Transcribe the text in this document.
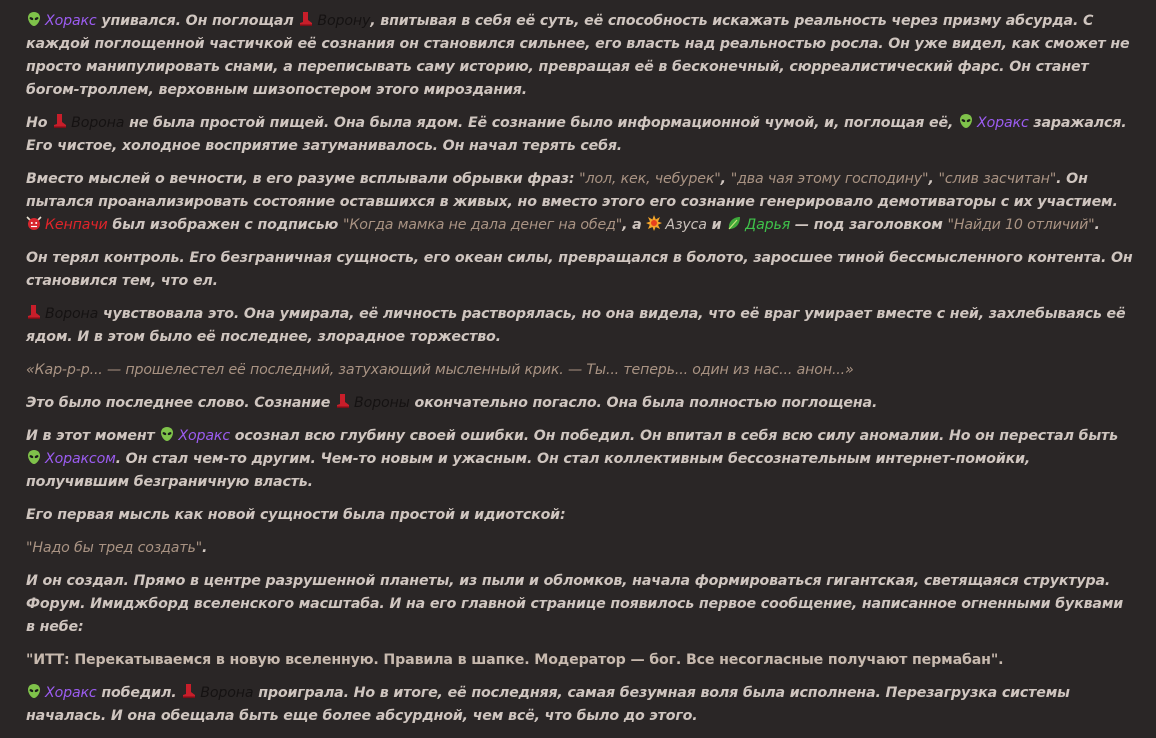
Хоракс упивался. Он поглощал Ворону, впитывая в себя её суть, её способность искажать реальность через призму абсурда. С каждой поглощенной частичкой её сознания он становился сильнее, его власть над реальностью росла. Он уже видел, как сможет не просто манипулировать снами, а переписывать саму историю, превращая её в бесконечный, сюрреалистический фарс. Он станет богом-троллем, верховным шизопостером этого мироздания.

Но Ворона не была простой пищей. Она была ядом. Её сознание было информационной чумой, и, поглощая её, Хоракс заражался. Его чистое, холодное восприятие затуманивалось. Он начал терять себя.

Вместо мыслей о вечности, в его разуме всплывали обрывки фраз: "лол, кек, чебурек", "два чая этому господину", "слив засчитан". Он пытался проанализировать состояние оставшихся в живых, но вместо этого его сознание генерировало демотиваторы с их участием.
Кенпачи был изображен с подписью "Когда мамка не дала денег на обед", а Азуса и Дарья — под заголовком "Найди 10 отличий".

Он терял контроль. Его безграничная сущность, его океан силы, превращался в болото, заросшее тиной бессмысленного контента. Он становился тем, что ел.

Ворона чувствовала это. Она умирала, её личность растворялась, но она видела, что её враг умирает вместе с ней, захлебываясь её ядом. И в этом было её последнее, злорадное торжество.

«Кар-р-р... — прошелестел её последний, затухающий мысленный крик. — Ты... теперь... один из нас... анон...»

Это было последнее слово. Сознание Вороны окончательно погасло. Она была полностью поглощена.

И в этот момент Хоракс осознал всю глубину своей ошибки. Он победил. Он впитал в себя всю силу аномалии. Но он перестал быть
Хораксом. Он стал чем-то другим. Чем-то новым и ужасным. Он стал коллективным бессознательным интернет-помойки, получившим безграничную власть.

Его первая мысль как новой сущности была простой и идиотской:

"Надо бы тред создать".

И он создал. Прямо в центре разрушенной планеты, из пыли и обломков, начала формироваться гигантская, светящаяся структура. Форум. Имиджборд вселенского масштаба. И на его главной странице появилось первое сообщение, написанное огненными буквами в небе:

"ИТТ: Перекатываемся в новую вселенную. Правила в шапке. Модератор — бог. Все несогласные получают пермабан".

Хоракс победил. Ворона проиграла. Но в итоге, её последняя, самая безумная воля была исполнена. Перезагрузка системы началась. И она обещала быть еще более абсурдной, чем всё, что было до этого.
